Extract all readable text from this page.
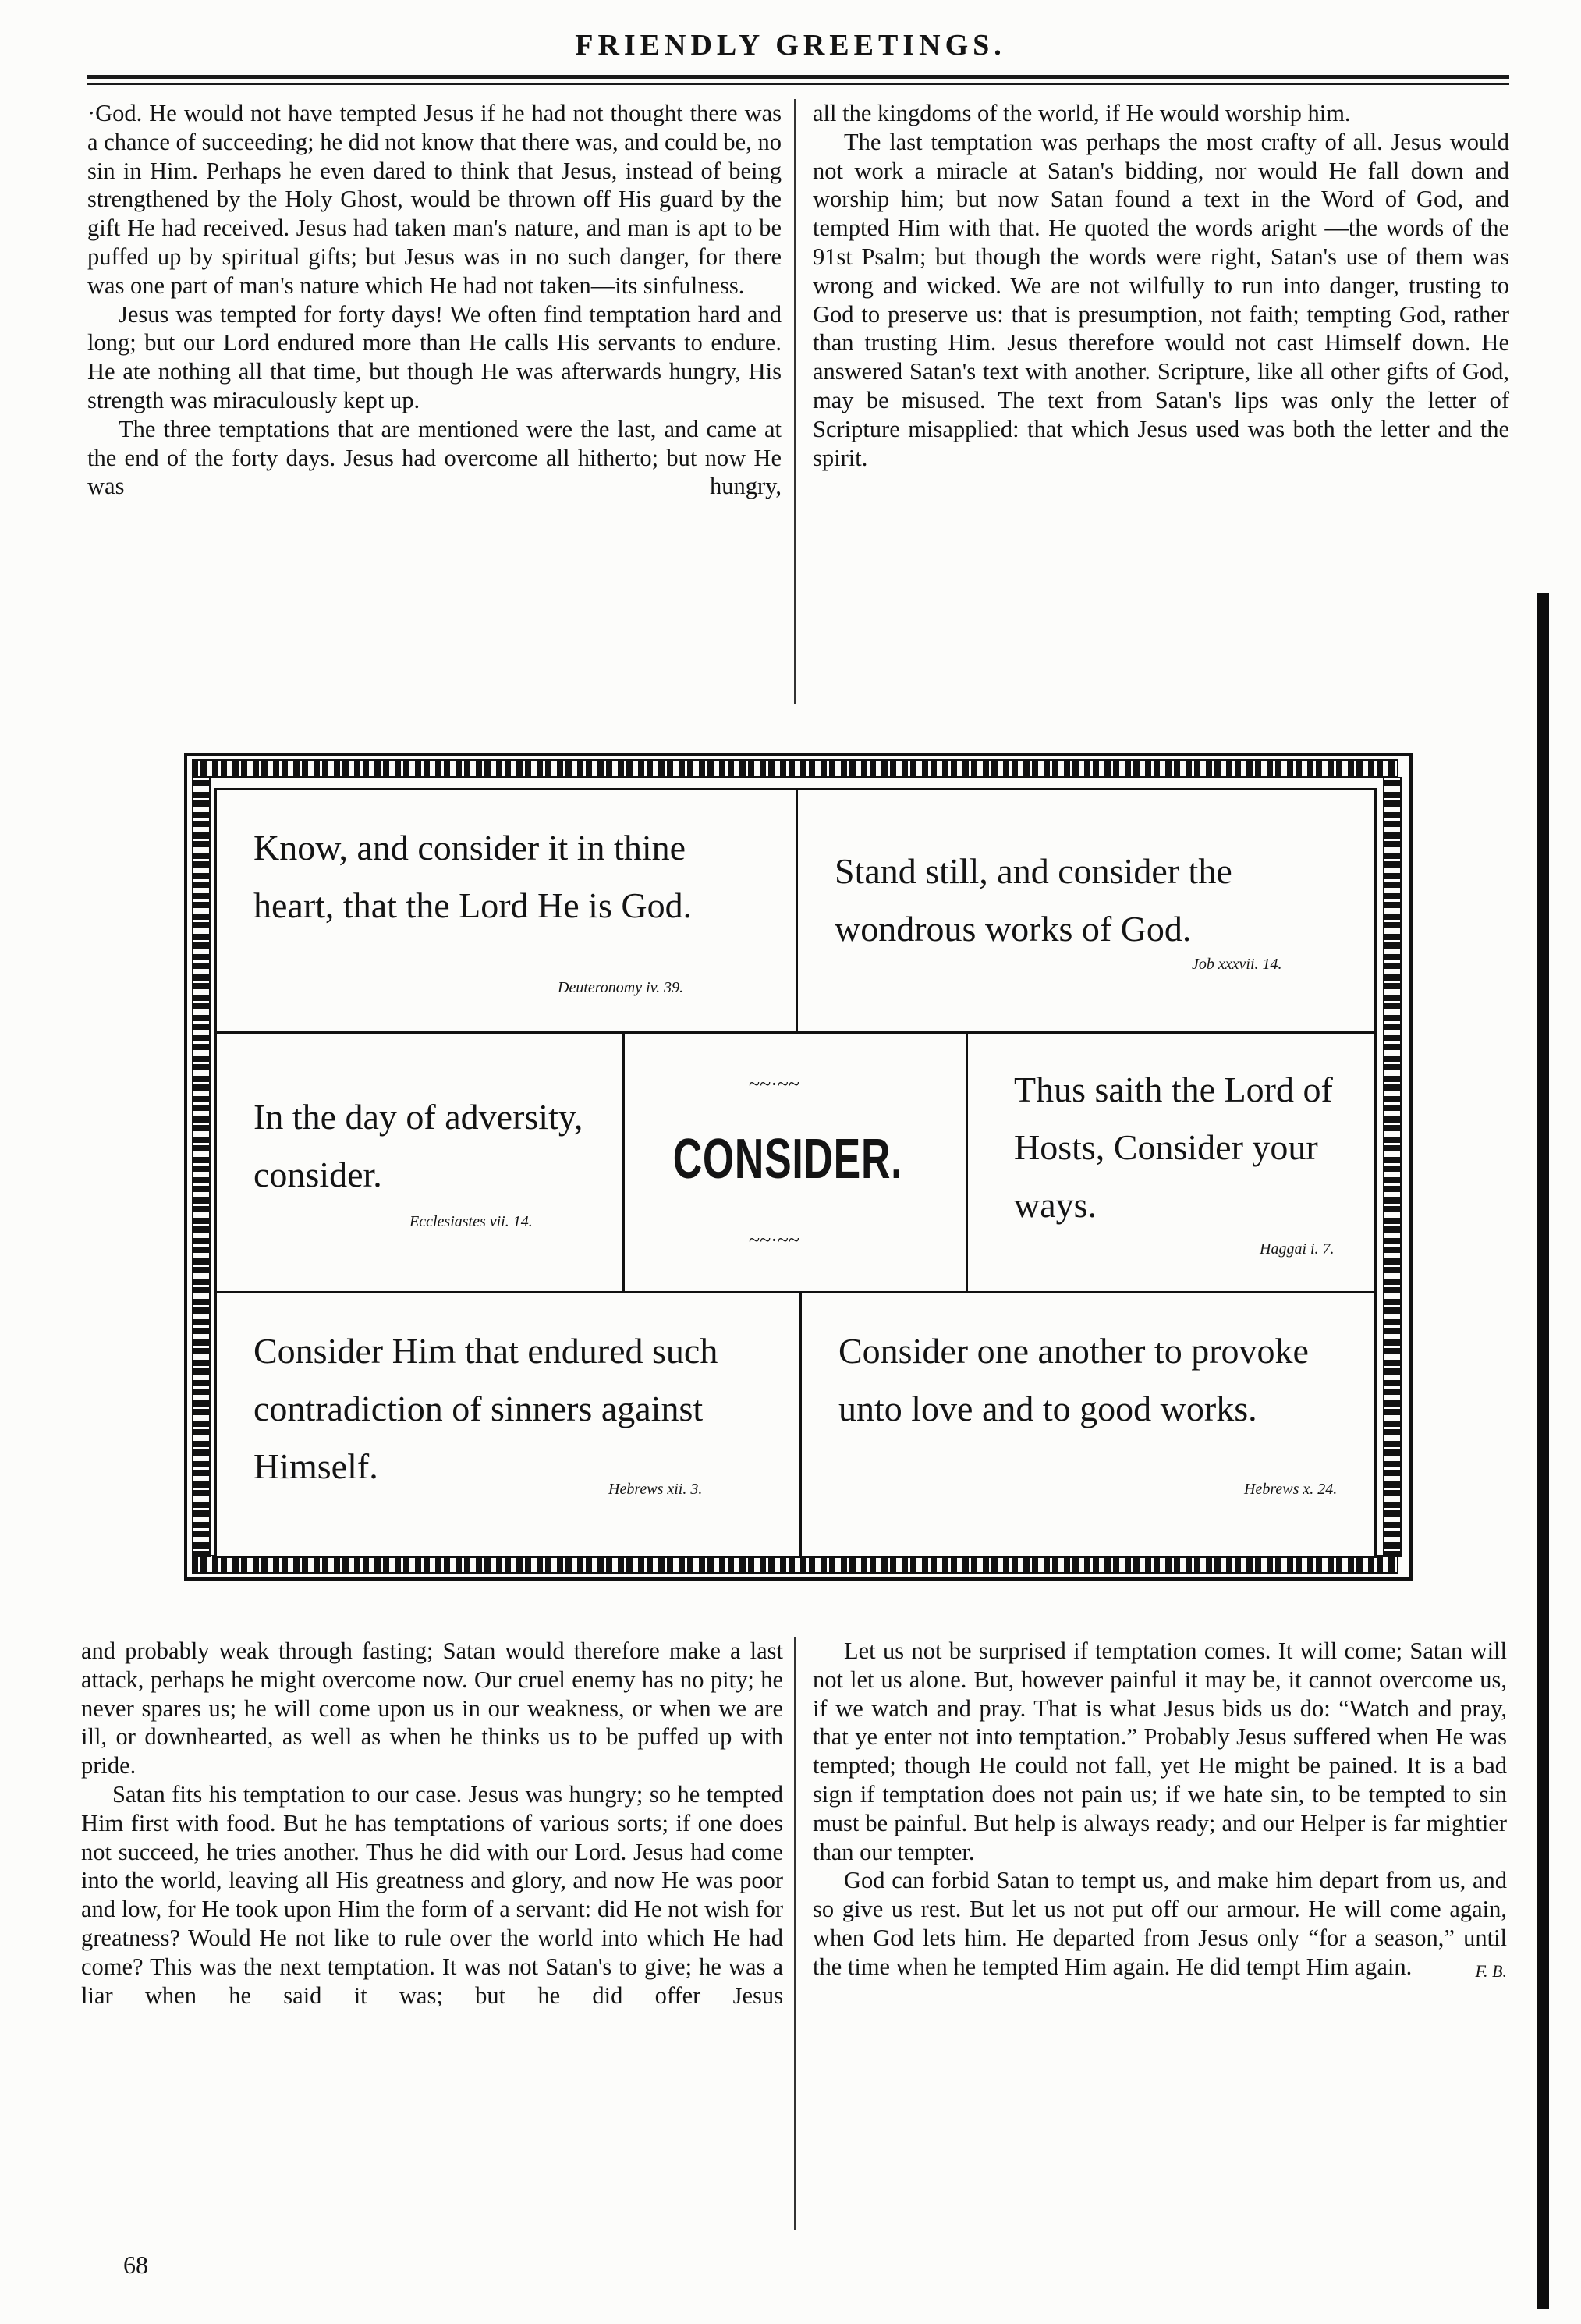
FRIENDLY GREETINGS.

·God. He would not have tempted Jesus if he had not thought there was a chance of succeeding; he did not know that there was, and could be, no sin in Him. Perhaps he even dared to think that Jesus, instead of being strengthened by the Holy Ghost, would be thrown off His guard by the gift He had received. Jesus had taken man's nature, and man is apt to be puffed up by spiritual gifts; but Jesus was in no such danger, for there was one part of man's nature which He had not taken—its sinfulness.

Jesus was tempted for forty days! We often find temptation hard and long; but our Lord endured more than He calls His servants to endure. He ate nothing all that time, but though He was afterwards hungry, His strength was miraculously kept up.

The three temptations that are mentioned were the last, and came at the end of the forty days. Jesus had overcome all hitherto; but now He was hungry,

all the kingdoms of the world, if He would worship him.

The last temptation was perhaps the most crafty of all. Jesus would not work a miracle at Satan's bidding, nor would He fall down and worship him; but now Satan found a text in the Word of God, and tempted Him with that. He quoted the words aright —the words of the 91st Psalm; but though the words were right, Satan's use of them was wrong and wicked. We are not wilfully to run into danger, trusting to God to preserve us: that is presumption, not faith; tempting God, rather than trusting Him. Jesus therefore would not cast Himself down. He answered Satan's text with another. Scripture, like all other gifts of God, may be misused. The text from Satan's lips was only the letter of Scripture misapplied: that which Jesus used was both the letter and the spirit.

Know, and consider it in thine heart, that the Lord He is God.
Deuteronomy iv. 39.
Stand still, and consider the wondrous works of God.
Job xxxvii. 14.
In the day of adversity, consider.
Ecclesiastes vii. 14.
~~·~~
CONSIDER.
~~·~~
Thus saith the Lord of Hosts, Consider your ways.
Haggai i. 7.
Consider Him that endured such contradiction of sinners against Himself.
Hebrews xii. 3.
Consider one another to provoke unto love and to good works.
Hebrews x. 24.

and probably weak through fasting; Satan would therefore make a last attack, perhaps he might overcome now. Our cruel enemy has no pity; he never spares us; he will come upon us in our weakness, or when we are ill, or downhearted, as well as when he thinks us to be puffed up with pride.

Satan fits his temptation to our case. Jesus was hungry; so he tempted Him first with food. But he has temptations of various sorts; if one does not succeed, he tries another. Thus he did with our Lord. Jesus had come into the world, leaving all His greatness and glory, and now He was poor and low, for He took upon Him the form of a servant: did He not wish for greatness? Would He not like to rule over the world into which He had come? This was the next temptation. It was not Satan's to give; he was a liar when he said it was; but he did offer Jesus

Let us not be surprised if temptation comes. It will come; Satan will not let us alone. But, however painful it may be, it cannot overcome us, if we watch and pray. That is what Jesus bids us do: “Watch and pray, that ye enter not into temptation.” Probably Jesus suffered when He was tempted; though He could not fall, yet He might be pained. It is a bad sign if temptation does not pain us; if we hate sin, to be tempted to sin must be painful. But help is always ready; and our Helper is far mightier than our tempter.

God can forbid Satan to tempt us, and make him depart from us, and so give us rest. But let us not put off our armour. He will come again, when God lets him. He departed from Jesus only “for a season,” until the time when he tempted Him again. He did tempt Him again.	F. B.

68
